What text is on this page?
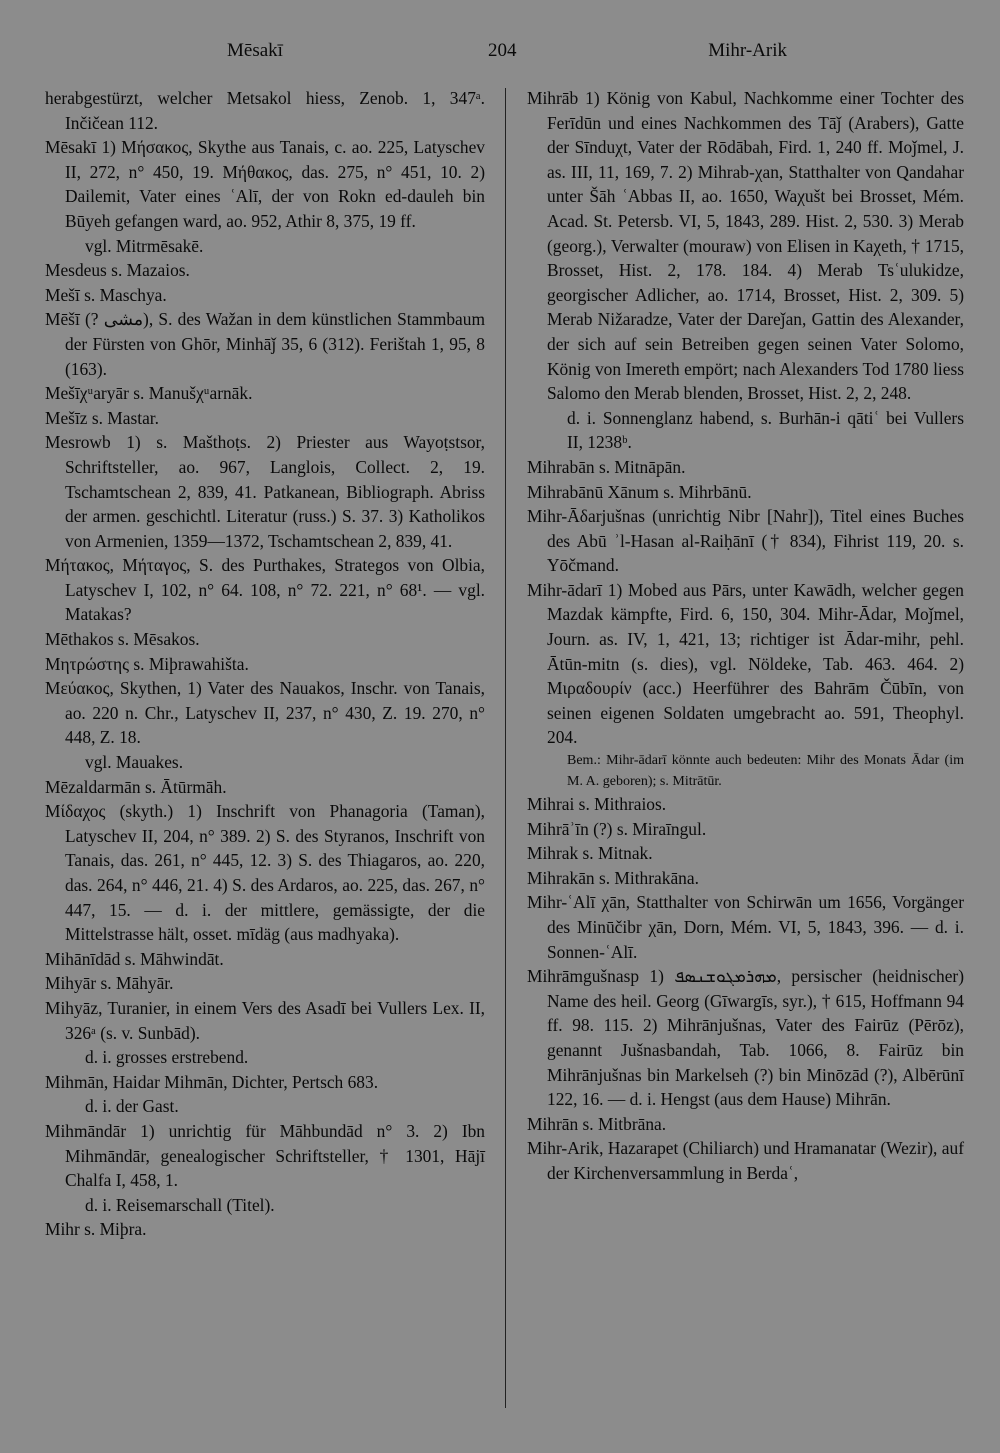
Mēsakī	204	Mihr-Arik

herabgestürzt, welcher Metsakol hiess, Zenob. 1, 347ᵃ. Inčičean 112.

Mēsakī 1) Μήσακος, Skythe aus Tanais, c. ao. 225, Latyschev II, 272, n° 450, 19. Μήθακος, das. 275, n° 451, 10. 2) Dailemit, Vater eines ʿAlī, der von Rokn ed-dauleh bin Būyeh gefangen ward, ao. 952, Athir 8, 375, 19 ff.

vgl. Mitrmēsakē.

Mesdeus s. Mazaios.

Mešī s. Maschya.

Mēšī (? مشی), S. des Wažan in dem künstlichen Stammbaum der Fürsten von Ghōr, Minhāǰ 35, 6 (312). Ferištah 1, 95, 8 (163).

Mešīχᵘaryār s. Manušχᵘarnāk.

Mešīz s. Mastar.

Mesrowb 1) s. Mašthoṭs. 2) Priester aus Wayoṭstsor, Schriftsteller, ao. 967, Langlois, Collect. 2, 19. Tschamtschean 2, 839, 41. Patkanean, Bibliograph. Abriss der armen. geschichtl. Literatur (russ.) S. 37. 3) Katholikos von Armenien, 1359—1372, Tschamtschean 2, 839, 41.

Μήτακος, Μήταγος, S. des Purthakes, Strategos von Olbia, Latyschev I, 102, n° 64. 108, n° 72. 221, n° 68¹. — vgl. Matakas?

Mēthakos s. Mēsakos.

Μητρώστης s. Miþrawahišta.

Μεύακος, Skythen, 1) Vater des Nauakos, Inschr. von Tanais, ao. 220 n. Chr., Latyschev II, 237, n° 430, Z. 19. 270, n° 448, Z. 18.

vgl. Mauakes.

Mēzaldarmān s. Ātūrmāh.

Μίδαχος (skyth.) 1) Inschrift von Phanagoria (Taman), Latyschev II, 204, n° 389. 2) S. des Styranos, Inschrift von Tanais, das. 261, n° 445, 12. 3) S. des Thiagaros, ao. 220, das. 264, n° 446, 21. 4) S. des Ardaros, ao. 225, das. 267, n° 447, 15. — d. i. der mittlere, gemässigte, der die Mittelstrasse hält, osset. mīdäg (aus madhyaka).

Mihānīdād s. Māhwindāt.

Mihyār s. Māhyār.

Mihyāz, Turanier, in einem Vers des Asadī bei Vullers Lex. II, 326ᵃ (s. v. Sunbād).

d. i. grosses erstrebend.

Mihmān, Haidar Mihmān, Dichter, Pertsch 683.

d. i. der Gast.

Mihmāndār 1) unrichtig für Māhbundād n° 3. 2) Ibn Mihmāndār, genealogischer Schriftsteller, † 1301, Hājī Chalfa I, 458, 1.

d. i. Reisemarschall (Titel).

Mihr s. Miþra.

Mihrāb 1) König von Kabul, Nachkomme einer Tochter des Ferīdūn und eines Nachkommen des Tāǰ (Arabers), Gatte der Sīnduχt, Vater der Rōdābah, Fird. 1, 240 ff. Moǰmel, J. as. III, 11, 169, 7. 2) Mihrab-χan, Statthalter von Qandahar unter Šāh ʿAbbas II, ao. 1650, Waχušt bei Brosset, Mém. Acad. St. Petersb. VI, 5, 1843, 289. Hist. 2, 530. 3) Merab (georg.), Verwalter (mouraw) von Elisen in Kaχeth, † 1715, Brosset, Hist. 2, 178. 184. 4) Merab Tsʿulukidze, georgischer Adlicher, ao. 1714, Brosset, Hist. 2, 309. 5) Merab Nižaradze, Vater der Dareǰan, Gattin des Alexander, der sich auf sein Betreiben gegen seinen Vater Solomo, König von Imereth empört; nach Alexanders Tod 1780 liess Salomo den Merab blenden, Brosset, Hist. 2, 2, 248.

d. i. Sonnenglanz habend, s. Burhān-i qātiʿ bei Vullers II, 1238ᵇ.

Mihrabān s. Mitnāpān.

Mihrabānū Xānum s. Mihrbānū.

Mihr-Āδarjušnas (unrichtig Nibr [Nahr]), Titel eines Buches des Abū ʾl-Hasan al-Raiḥānī († 834), Fihrist 119, 20. s. Yōčmand.

Mihr-ādarī 1) Mobed aus Pārs, unter Kawādh, welcher gegen Mazdak kämpfte, Fird. 6, 150, 304. Mihr-Ādar, Moǰmel, Journ. as. IV, 1, 421, 13; richtiger ist Ādar-mihr, pehl. Ātūn-mitn (s. dies), vgl. Nöldeke, Tab. 463. 464. 2) Μιραδουρίν (acc.) Heerführer des Bahrām Čūbīn, von seinen eigenen Soldaten umgebracht ao. 591, Theophyl. 204.

Bem.: Mihr-ādarī könnte auch bedeuten: Mihr des Monats Ādar (im M. A. geboren); s. Mitrātūr.

Mihrai s. Mithraios.

Mihrāʾīn (?) s. Miraīngul.

Mihrak s. Mitnak.

Mihrakān s. Mithrakāna.

Mihr-ʿAlī χān, Statthalter von Schirwān um 1656, Vorgänger des Minūčibr χān, Dorn, Mém. VI, 5, 1843, 396. — d. i. Sonnen-ʿAlī.

Mihrāmgušnasp 1) ܡܗܪܡܓܘܫܢܣܦ, persischer (heidnischer) Name des heil. Georg (Gīwargīs, syr.), † 615, Hoffmann 94 ff. 98. 115. 2) Mihrānjušnas, Vater des Fairūz (Pērōz), genannt Jušnasbandah, Tab. 1066, 8. Fairūz bin Mihrānjušnas bin Markelseh (?) bin Minōzād (?), Albērūnī 122, 16. — d. i. Hengst (aus dem Hause) Mihrān.

Mihrān s. Mitbrāna.

Mihr-Arik, Hazarapet (Chiliarch) und Hramanatar (Wezir), auf der Kirchenversammlung in Berdaʿ,
